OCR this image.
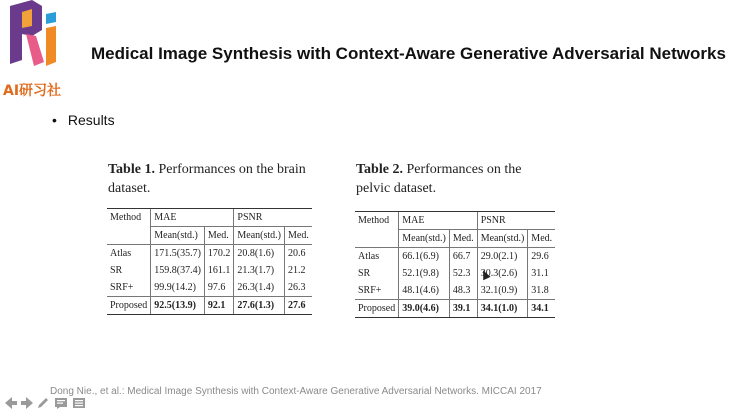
AI研习社
Medical Image Synthesis with Context-Aware Generative Adversarial Networks
• Results
Table 1. Performances on the brain
dataset.
Method	MAE		PSNR	
	Mean(std.)	Med.	Mean(std.)	Med.
Atlas	171.5(35.7)	170.2	20.8(1.6)	20.6
SR	159.8(37.4)	161.1	21.3(1.7)	21.2
SRF+	99.9(14.2)	97.6	26.3(1.4)	26.3
Proposed	92.5(13.9)	92.1	27.6(1.3)	27.6
Table 2. Performances on the
pelvic dataset.
Method	MAE		PSNR	
	Mean(std.)	Med.	Mean(std.)	Med.
Atlas	66.1(6.9)	66.7	29.0(2.1)	29.6
SR	52.1(9.8)	52.3	30.3(2.6)	31.1
SRF+	48.1(4.6)	48.3	32.1(0.9)	31.8
Proposed	39.0(4.6)	39.1	34.1(1.0)	34.1
Dong Nie., et al.: Medical Image Synthesis with Context-Aware Generative Adversarial Networks. MICCAI 2017
